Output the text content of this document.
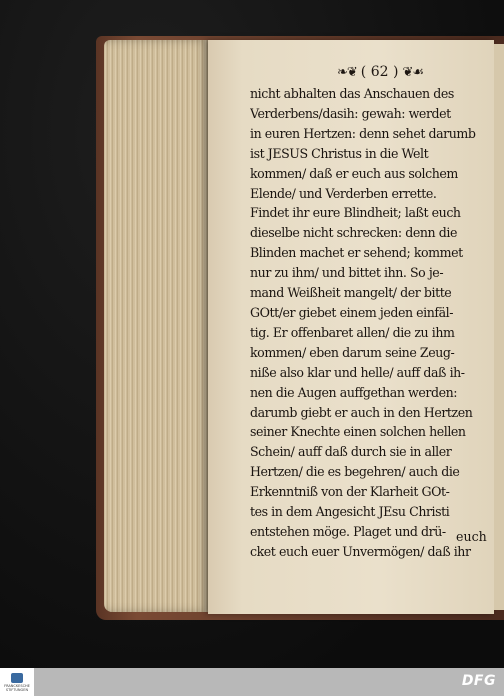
❧❦ ( 62 ) ❦☙
nicht abhalten das Anschauen des
Verderbens/dasih: gewah: werdet
in euren Hertzen: denn sehet darumb
ist JESUS Christus in die Welt
kommen/ daß er euch aus solchem
Elende/ und Verderben errette.
Findet ihr eure Blindheit; laßt euch
dieselbe nicht schrecken: denn die
Blinden machet er sehend; kommet
nur zu ihm/ und bittet ihn. So je-
mand Weißheit mangelt/ der bitte
GOtt/er giebet einem jeden einfäl-
tig. Er offenbaret allen/ die zu ihm
kommen/ eben darum seine Zeug-
niße also klar und helle/ auff daß ih-
nen die Augen auffgethan werden:
darumb giebt er auch in den Hertzen
seiner Knechte einen solchen hellen
Schein/ auff daß durch sie in aller
Hertzen/ die es begehren/ auch die
Erkenntniß von der Klarheit GOt-
tes in dem Angesicht JEsu Christi
entstehen möge. Plaget und drü-
cket euch euer Unvermögen/ daß ihr
euch
FRANCKESCHE STIFTUNGEN
DFG
